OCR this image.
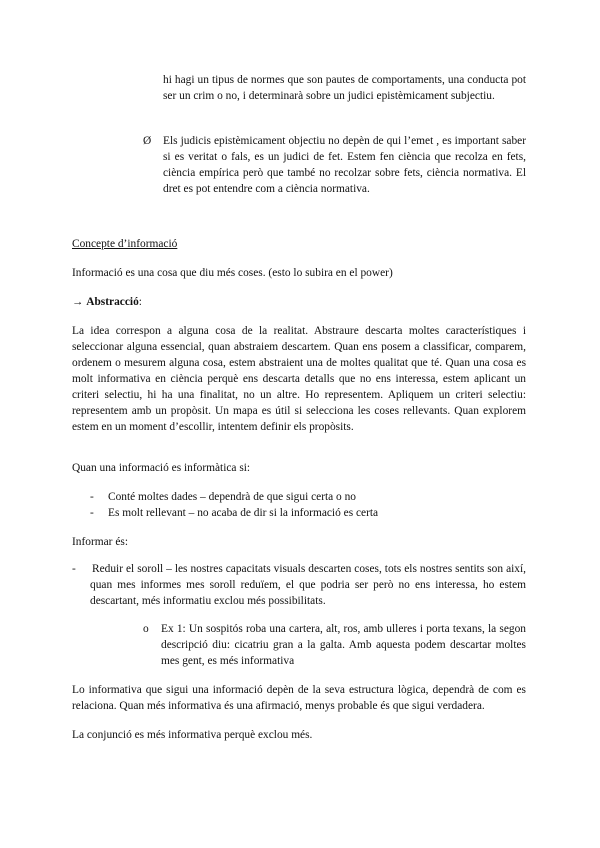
hi hagi un tipus de normes que son pautes de comportaments, una conducta pot ser un crim o no, i determinarà sobre un judici epistèmicament subjectiu.

Ø Els judicis epistèmicament objectiu no depèn de qui l’emet , es important saber si es veritat o fals, es un judici de fet. Estem fen ciència que recolza en fets, ciència empírica però que també no recolzar sobre fets, ciència normativa. El dret es pot entendre com a ciència normativa.

Concepte d’informació

Informació es una cosa que diu més coses. (esto lo subira en el power)

→ Abstracció:

La idea correspon a alguna cosa de la realitat. Abstraure descarta moltes característiques i seleccionar alguna essencial, quan abstraiem descartem. Quan ens posem a classificar, comparem, ordenem o mesurem alguna cosa, estem abstraient una de moltes qualitat que té. Quan una cosa es molt informativa en ciència perquè ens descarta detalls que no ens interessa, estem aplicant un criteri selectiu, hi ha una finalitat, no un altre. Ho representem. Apliquem un criteri selectiu: representem amb un propòsit. Un mapa es útil si selecciona les coses rellevants. Quan explorem estem en un moment d’escollir, intentem definir els propòsits.

Quan una informació es informàtica si:

- Conté moltes dades – dependrà de que sigui certa o no
- Es molt rellevant – no acaba de dir si la informació es certa

Informar és:

- Reduir el soroll – les nostres capacitats visuals descarten coses, tots els nostres sentits son així, quan mes informes mes soroll reduïem, el que podria ser però no ens interessa, ho estem descartant, més informatiu exclou més possibilitats.

o Ex 1: Un sospitós roba una cartera, alt, ros, amb ulleres i porta texans, la segon descripció diu: cicatriu gran a la galta. Amb aquesta podem descartar moltes mes gent, es més informativa

Lo informativa que sigui una informació depèn de la seva estructura lògica, dependrà de com es relaciona. Quan més informativa és una afirmació, menys probable és que sigui verdadera.

La conjunció es més informativa perquè exclou més.
